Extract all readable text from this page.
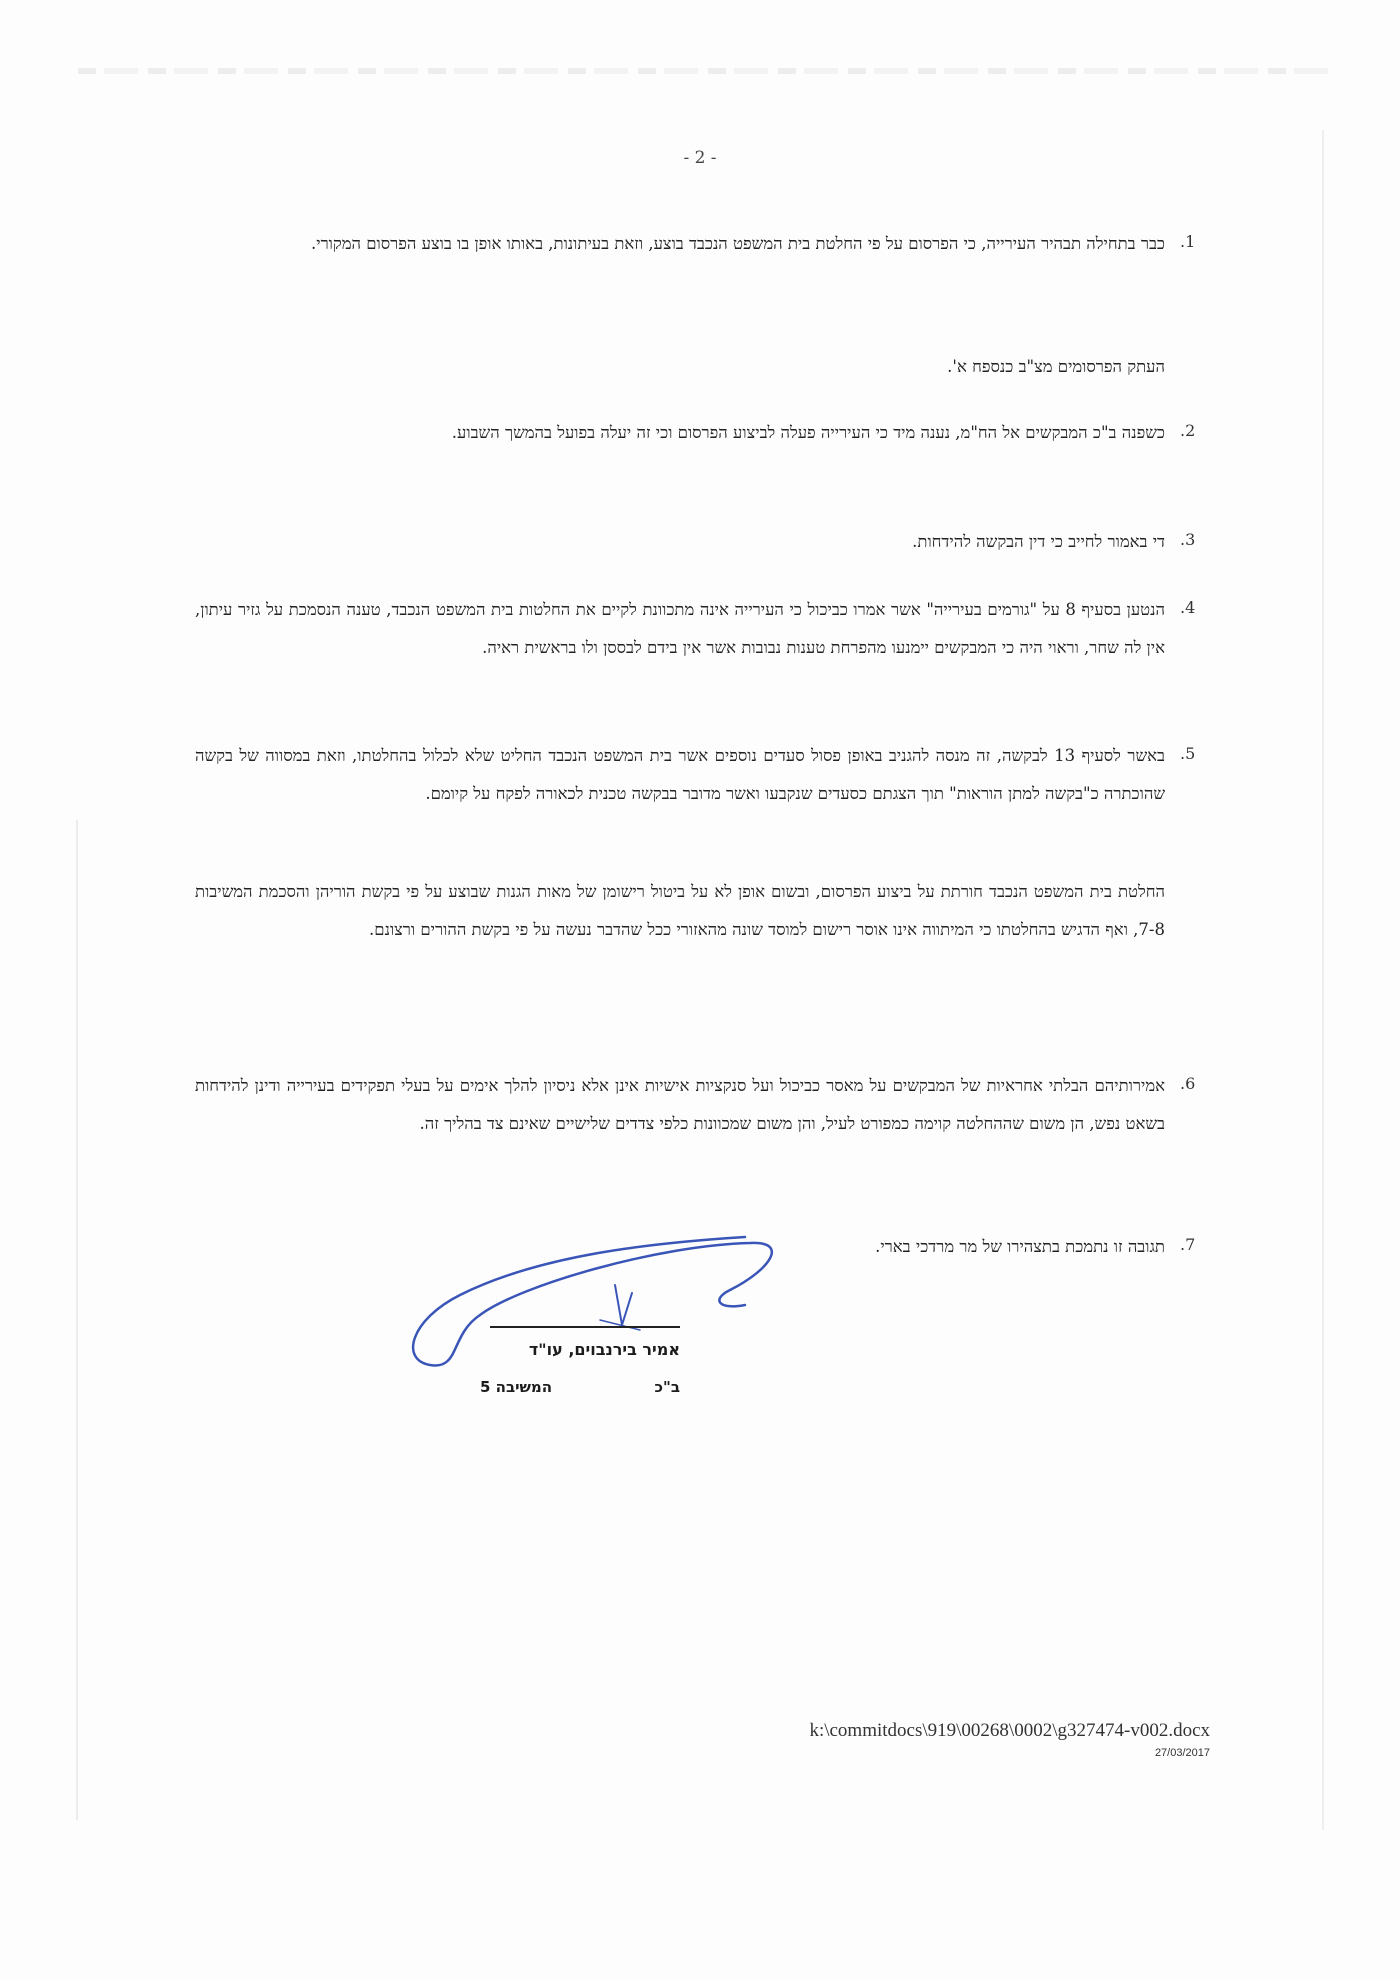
- 2 -
.1
כבר בתחילה תבהיר העירייה, כי הפרסום על פי החלטת בית המשפט הנכבד בוצע, וזאת בעיתונות, באותו אופן בו בוצע הפרסום המקורי.
העתק הפרסומים מצ"ב כנספח א'.
.2
כשפנה ב"כ המבקשים אל הח"מ, נענה מיד כי העירייה פעלה לביצוע הפרסום וכי זה יעלה בפועל בהמשך השבוע.
.3
די באמור לחייב כי דין הבקשה להידחות.
.4
הנטען בסעיף 8 על "גורמים בעירייה" אשר אמרו כביכול כי העירייה אינה מתכוונת לקיים את החלטות בית המשפט הנכבד, טענה הנסמכת על גזיר עיתון, אין לה שחר, וראוי היה כי המבקשים יימנעו מהפרחת טענות נבובות אשר אין בידם לבססן ולו בראשית ראיה.
.5
באשר לסעיף 13 לבקשה, זה מנסה להגניב באופן פסול סעדים נוספים אשר בית המשפט הנכבד החליט שלא לכלול בהחלטתו, וזאת במסווה של בקשה שהוכתרה כ"בקשה למתן הוראות" תוך הצגתם כסעדים שנקבעו ואשר מדובר בבקשה טכנית לכאורה לפקח על קיומם.
החלטת בית המשפט הנכבד חורתת על ביצוע הפרסום, ובשום אופן לא על ביטול רישומן של מאות הגנות שבוצע על פי בקשת הוריהן והסכמת המשיבות 7-8, ואף הדגיש בהחלטתו כי המיתווה אינו אוסר רישום למוסד שונה מהאזורי ככל שהדבר נעשה על פי בקשת ההורים ורצונם.
.6
אמירותיהם הבלתי אחראיות של המבקשים על מאסר כביכול ועל סנקציות אישיות אינן אלא ניסיון להלך אימים על בעלי תפקידים בעירייה ודינן להידחות בשאט נפש, הן משום שההחלטה קוימה כמפורט לעיל, והן משום שמכוונות כלפי צדדים שלישיים שאינם צד בהליך זה.
.7
תגובה זו נתמכת בתצהירו של מר מרדכי בארי.
אמיר בירנבוים, עו"ד
ב"כ
המשיבה 5
k:\commitdocs\919\00268\0002\g327474-v002.docx
27/03/2017
